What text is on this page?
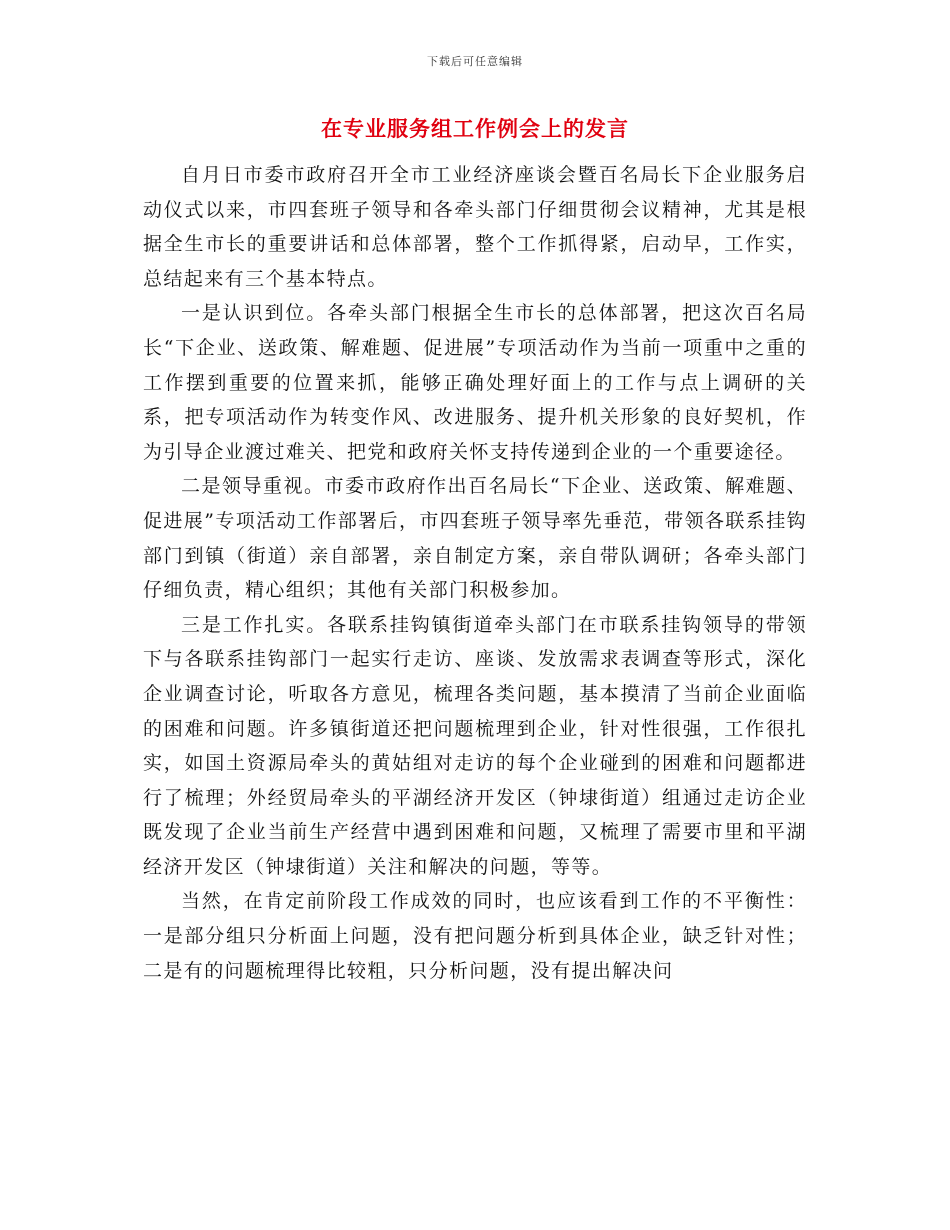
下载后可任意编辑
在专业服务组工作例会上的发言

自月日市委市政府召开全市工业经济座谈会暨百名局长下企业服务启动仪式以来，市四套班子领导和各牵头部门仔细贯彻会议精神，尤其是根据全生市长的重要讲话和总体部署，整个工作抓得紧，启动早，工作实，总结起来有三个基本特点。

一是认识到位。各牵头部门根据全生市长的总体部署，把这次百名局长“下企业、送政策、解难题、促进展”专项活动作为当前一项重中之重的工作摆到重要的位置来抓，能够正确处理好面上的工作与点上调研的关系，把专项活动作为转变作风、改进服务、提升机关形象的良好契机，作为引导企业渡过难关、把党和政府关怀支持传递到企业的一个重要途径。

二是领导重视。市委市政府作出百名局长“下企业、送政策、解难题、促进展”专项活动工作部署后，市四套班子领导率先垂范，带领各联系挂钩部门到镇（街道）亲自部署，亲自制定方案，亲自带队调研；各牵头部门仔细负责，精心组织；其他有关部门积极参加。

三是工作扎实。各联系挂钩镇街道牵头部门在市联系挂钩领导的带领下与各联系挂钩部门一起实行走访、座谈、发放需求表调查等形式，深化企业调查讨论，听取各方意见，梳理各类问题，基本摸清了当前企业面临的困难和问题。许多镇街道还把问题梳理到企业，针对性很强，工作很扎实，如国土资源局牵头的黄姑组对走访的每个企业碰到的困难和问题都进行了梳理；外经贸局牵头的平湖经济开发区（钟埭街道）组通过走访企业既发现了企业当前生产经营中遇到困难和问题，又梳理了需要市里和平湖经济开发区（钟埭街道）关注和解决的问题，等等。

当然，在肯定前阶段工作成效的同时，也应该看到工作的不平衡性：一是部分组只分析面上问题，没有把问题分析到具体企业，缺乏针对性；二是有的问题梳理得比较粗，只分析问题，没有提出解决问
